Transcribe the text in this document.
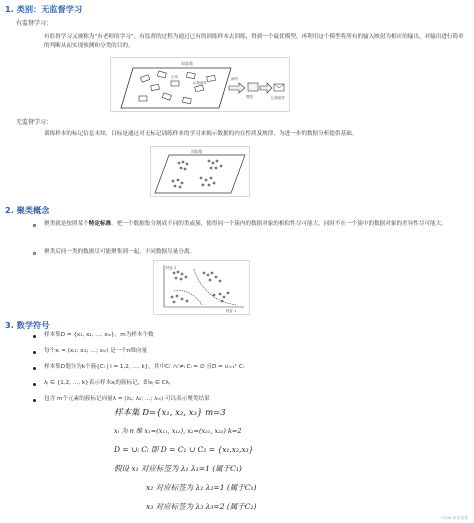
1. 类别：无监督学习
有监督学习：
有监督学习又被称为“有老师的学习”，有监督的过程为通过已有的训练样本去训练，得到一个最优模型，再利用这个模型将所有的输入映射为相应的输出，对输出进行简单的判断从而实现预测和分类的目的。
训练集
正常
垃圾邮件
新的
模型	垃圾邮件
无监督学习：
训练样本的标记信息未知，目标是通过对无标记训练样本的学习来揭示数据的内在性质及规律，为进一步的数据分析提供基础。
训练集
2. 聚类概念
聚类就是按照某个特定标准，把一个数据集分割成不同的类或簇，使得同一个簇内的数据对象的相似性尽可能大，同时不在一个簇中的数据对象的差异性尽可能大。
聚类后同一类的数据尽可能聚集到一起，不同数据尽量分离。
特征 2
特征 1
3. 数学符号
样本集D = {x₁, x₂, …, xₘ}，m为样本个数
每个xᵢ = (xᵢ₁; xᵢ₂; …; xᵢₙ) 是一个n维向量
样本集D划分为k个簇{Cₗ | l = 1,2, …, k}，其中Cₗ′ ∩ₗ′≠ₗ Cₗ = ∅ 且D = ∪ₗ₌₁ᵏ Cₗ
λⱼ ∈ {1,2, …, k}表示样本xⱼ的簇标记，即xⱼ ∈ Cλⱼ
包含 m个元素的簇标记向量λ = (λ₁; λ₂; …; λₘ) 可以表示聚类结果
样本集 D={x₁, x₂, x₃} m=3
xᵢ 为 n 维 x₁=(x₁₁, x₁₂), x₂=(x₂₁, x₂₂) k=2
D = ∪ᵢ Cᵢ 即 D = C₁ ∪ C₂ = {x₁,x₂,x₃}
假设 x₁ 对应标签为 λ₁ λ₁=1 (属于C₁)
x₂ 对应标签为 λ₂ λ₂=1 (属于C₁)
x₃ 对应标签为 λ₃ λ₃=2 (属于C₂)
CSDN @某某某
